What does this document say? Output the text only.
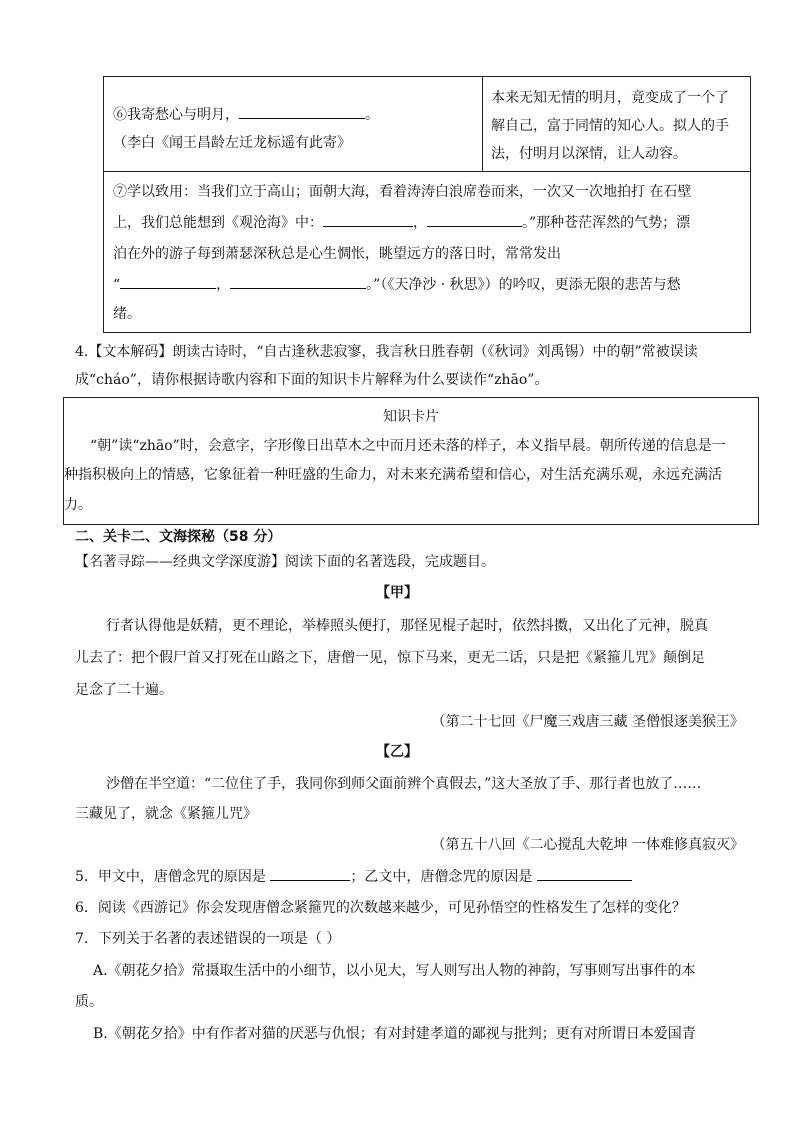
⑥我寄愁心与明月，	。
（李白《闻王昌龄左迁龙标遥有此寄》

本来无知无情的明月，竟变成了一个了
解自己，富于同情的知心人。拟人的手
法，付明月以深情，让人动容。

⑦学以致用：当我们立于高山；面朝大海，看着涛涛白浪席卷而来，一次又一次地拍打 在石壁
上，我们总能想到《观沧海》中：	，	。”那种苍茫浑然的气势；漂
泊在外的游子每到萧瑟深秋总是心生惆怅，眺望远方的落日时，常常发出
“	，	。”（《天净沙 · 秋思》）的吟叹，更添无限的悲苦与愁
绪。
4.【文本解码】朗读古诗时，“自古逢秋悲寂寥，我言秋日胜春朝（《秋词》刘禹锡）中的朝”常被误读
成“cháo”，请你根据诗歌内容和下面的知识卡片解释为什么要读作“zhāo”。
知识卡片
“朝”读“zhāo”时，会意字，字形像日出草木之中而月还未落的样子，本义指早晨。朝所传递的信息是一
种指积极向上的情感，它象征着一种旺盛的生命力，对未来充满希望和信心，对生活充满乐观，永远充满活
力。
二、关卡二、文海探秘（58 分）
【名著寻踪——经典文学深度游】阅读下面的名著选段，完成题目。
【甲】
行者认得他是妖精，更不理论，举棒照头便打，那怪见棍子起时，依然抖擞，又出化了元神，脱真
儿去了：把个假尸首又打死在山路之下，唐僧一见，惊下马来，更无二话，只是把《紧箍儿咒》颠倒足
足念了二十遍。
（第二十七回《尸魔三戏唐三藏 圣僧恨逐美猴王》
【乙】
沙僧在半空道：“二位住了手，我同你到师父面前辨个真假去，”这大圣放了手、那行者也放了……
三藏见了，就念《紧箍儿咒》
（第五十八回《二心搅乱大乾坤 一体难修真寂灭》
5．甲文中，唐僧念咒的原因是	；乙文中，唐僧念咒的原因是
6．阅读《西游记》你会发现唐僧念紧箍咒的次数越来越少，可见孙悟空的性格发生了怎样的变化？
7．下列关于名著的表述错误的一项是（ ）
A.《朝花夕拾》常摄取生活中的小细节，以小见大，写人则写出人物的神韵，写事则写出事件的本
质。
B.《朝花夕拾》中有作者对猫的厌恶与仇恨；有对封建孝道的鄙视与批判；更有对所谓日本爱国青
